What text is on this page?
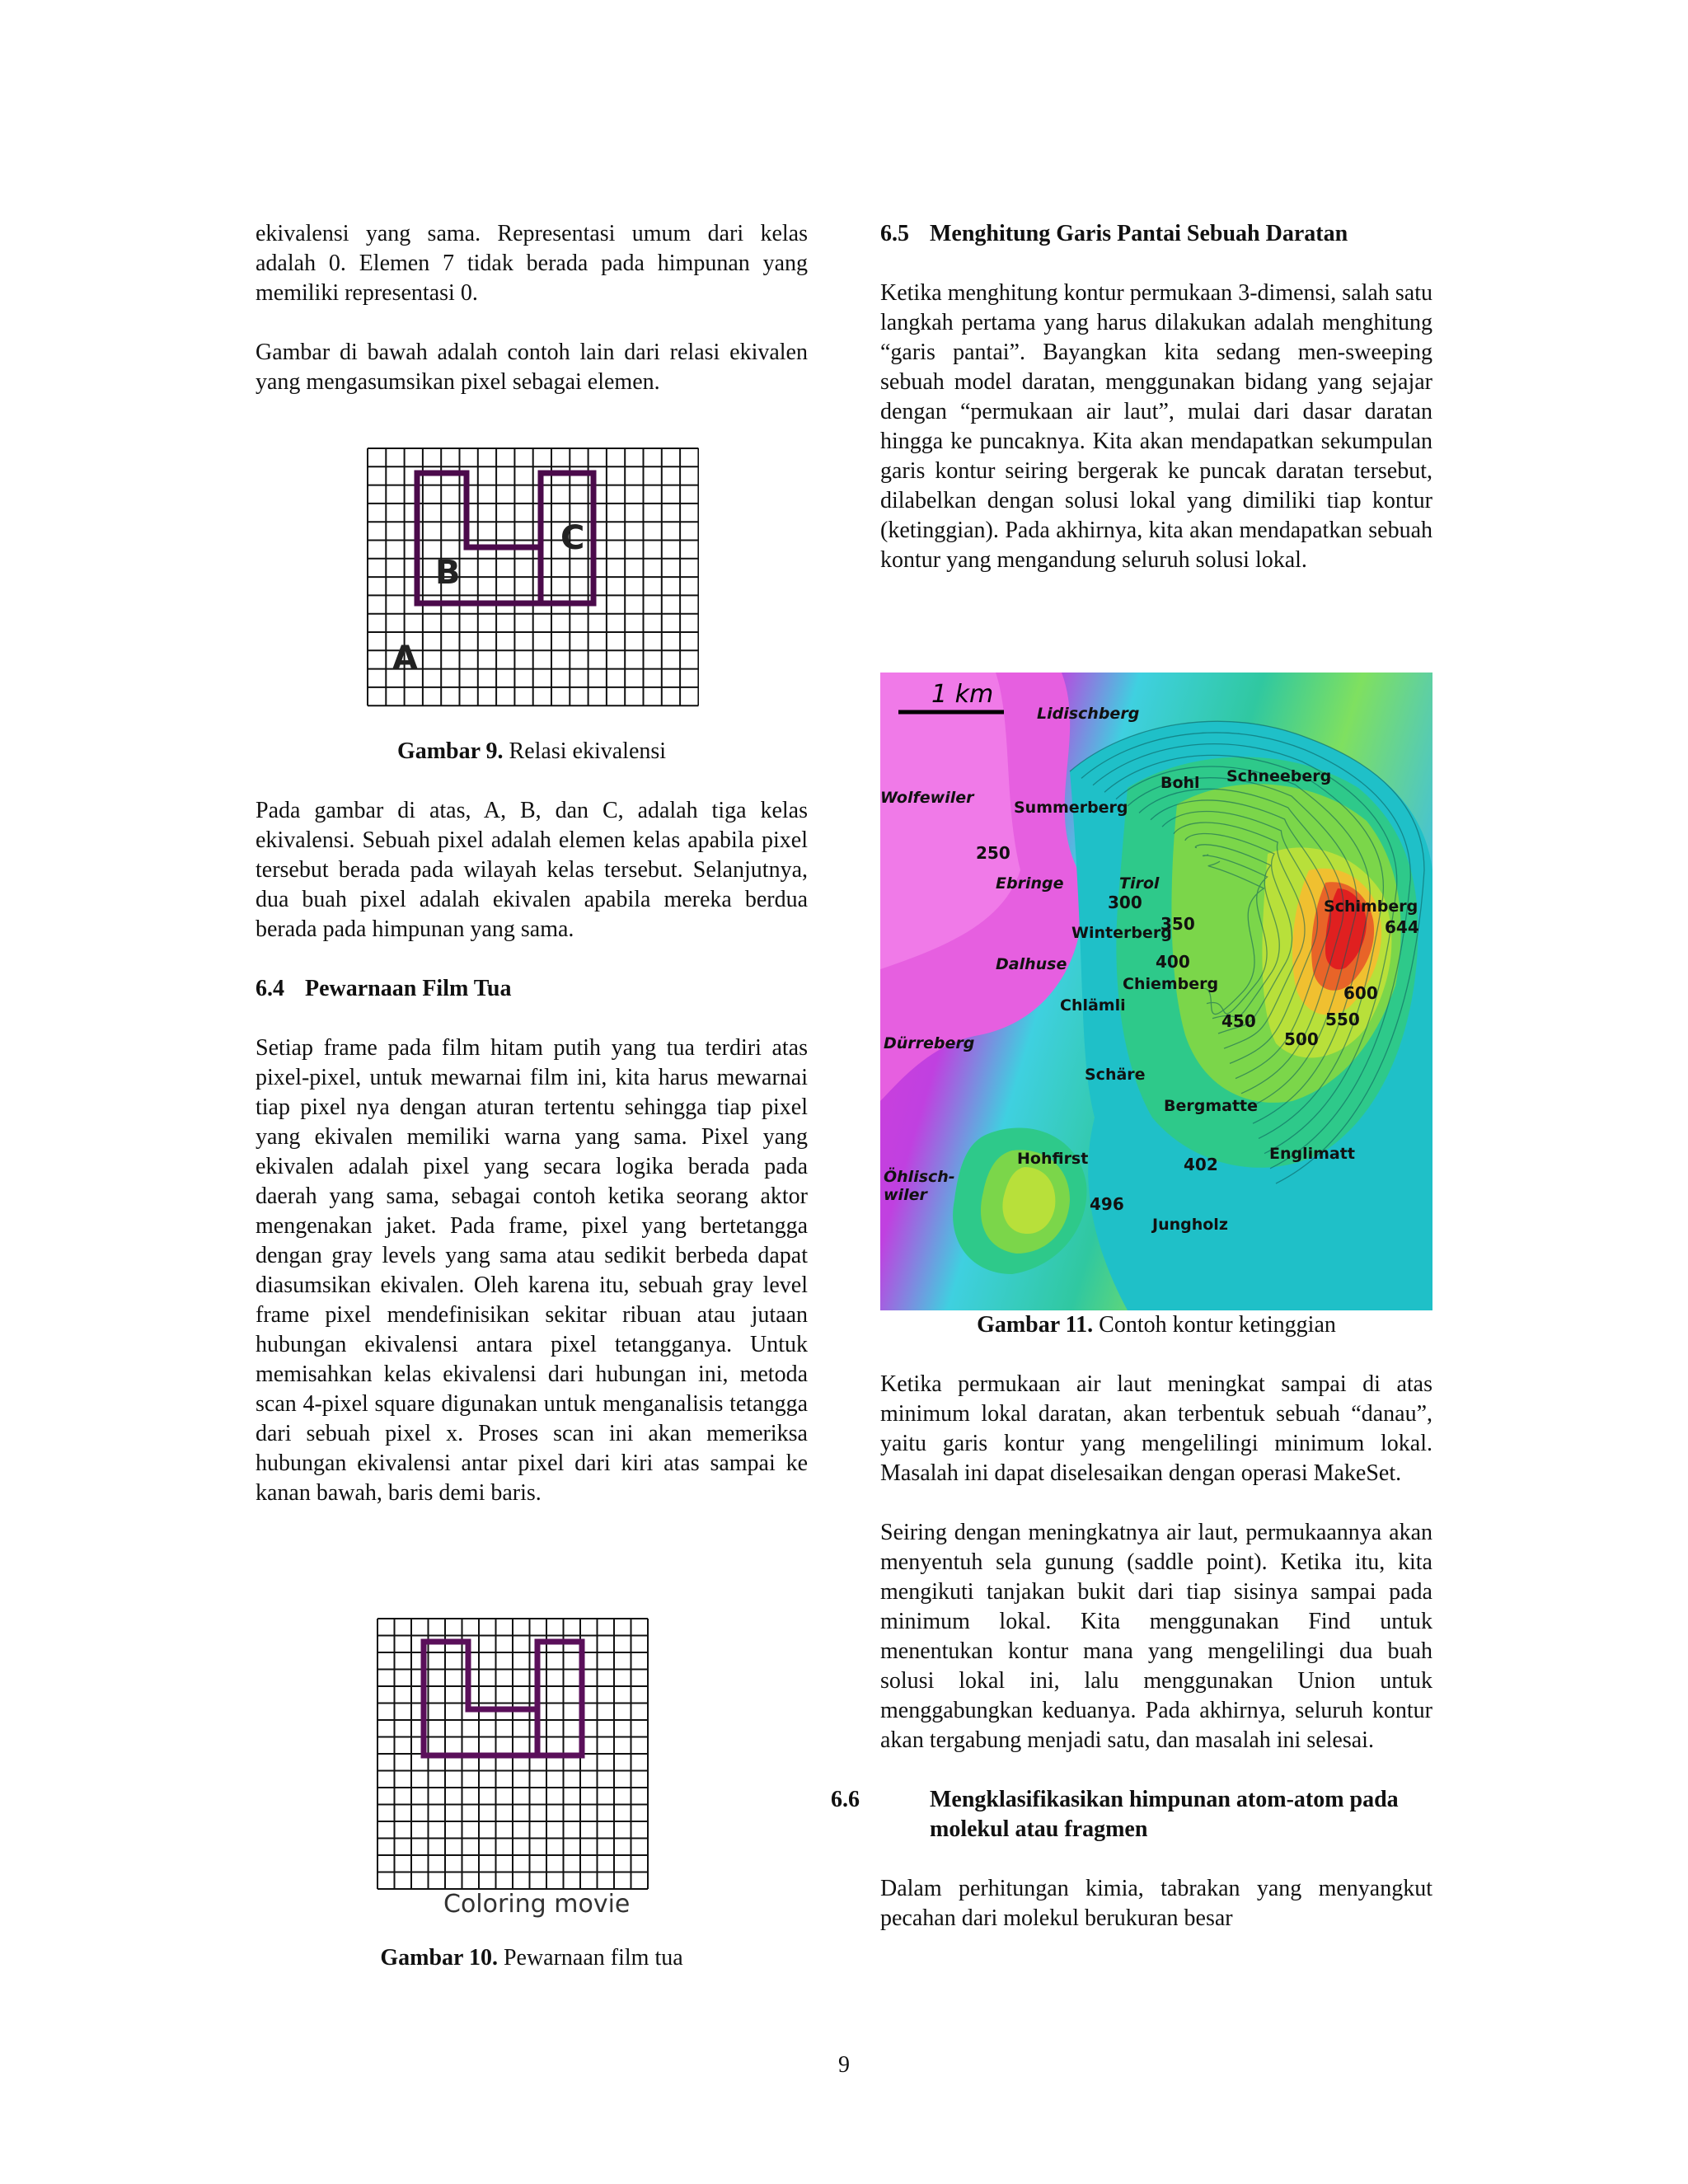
ekivalensi yang sama. Representasi umum dari kelas adalah 0. Elemen 7 tidak berada pada himpunan yang memiliki representasi 0.

Gambar di bawah adalah contoh lain dari relasi ekivalen yang mengasumsikan pixel sebagai elemen.

Pada gambar di atas, A, B, dan C, adalah tiga kelas ekivalensi. Sebuah pixel adalah elemen kelas apabila pixel tersebut berada pada wilayah kelas tersebut. Selanjutnya, dua buah pixel adalah ekivalen apabila mereka berdua berada pada himpunan yang sama.

6.4 Pewarnaan Film Tua

Setiap frame pada film hitam putih yang tua terdiri atas pixel-pixel, untuk mewarnai film ini, kita harus mewarnai tiap pixel nya dengan aturan tertentu sehingga tiap pixel yang ekivalen memiliki warna yang sama. Pixel yang ekivalen adalah pixel yang secara logika berada pada daerah yang sama, sebagai contoh ketika seorang aktor mengenakan jaket. Pada frame, pixel yang bertetangga dengan gray levels yang sama atau sedikit berbeda dapat diasumsikan ekivalen. Oleh karena itu, sebuah gray level frame pixel mendefinisikan sekitar ribuan atau jutaan hubungan ekivalensi antara pixel tetangganya. Untuk memisahkan kelas ekivalensi dari hubungan ini, metoda scan 4-pixel square digunakan untuk menganalisis tetangga dari sebuah pixel x. Proses scan ini akan memeriksa hubungan ekivalensi antar pixel dari kiri atas sampai ke kanan bawah, baris demi baris.

B
C
A
Gambar 9. Relasi ekivalensi
Coloring movie
Gambar 10. Pewarnaan film tua

6.5 Menghitung Garis Pantai Sebuah Daratan

Ketika menghitung kontur permukaan 3-dimensi, salah satu langkah pertama yang harus dilakukan adalah menghitung “garis pantai”. Bayangkan kita sedang men-sweeping sebuah model daratan, menggunakan bidang yang sejajar dengan “permukaan air laut”, mulai dari dasar daratan hingga ke puncaknya. Kita akan mendapatkan sekumpulan garis kontur seiring bergerak ke puncak daratan tersebut, dilabelkan dengan solusi lokal yang dimiliki tiap kontur (ketinggian). Pada akhirnya, kita akan mendapatkan sebuah kontur yang mengandung seluruh solusi lokal.

1 km
Lidischberg
Bohl Schneeberg
Wolfewiler
Summerberg
Ebringe	Tirol
Schimberg
Winterberg
Dalhuse
Chiemberg
Chlämli
Dürreberg
Schäre
Bergmatte
Hohfirst	Englimatt
Öhlisch-
wiler
Jungholz
250
300
350
400
450
500
550
600
644
402
496
Gambar 11. Contoh kontur ketinggian

Ketika permukaan air laut meningkat sampai di atas minimum lokal daratan, akan terbentuk sebuah “danau”, yaitu garis kontur yang mengelilingi minimum lokal. Masalah ini dapat diselesaikan dengan operasi MakeSet.

Seiring dengan meningkatnya air laut, permukaannya akan menyentuh sela gunung (saddle point). Ketika itu, kita mengikuti tanjakan bukit dari tiap sisinya sampai pada minimum lokal. Kita menggunakan Find untuk menentukan kontur mana yang mengelilingi dua buah solusi lokal ini, lalu menggunakan Union untuk menggabungkan keduanya. Pada akhirnya, seluruh kontur akan tergabung menjadi satu, dan masalah ini selesai.

6.6	Mengklasifikasikan himpunan atom-atom pada molekul atau fragmen

Dalam perhitungan kimia, tabrakan yang menyangkut pecahan dari molekul berukuran besar

9
